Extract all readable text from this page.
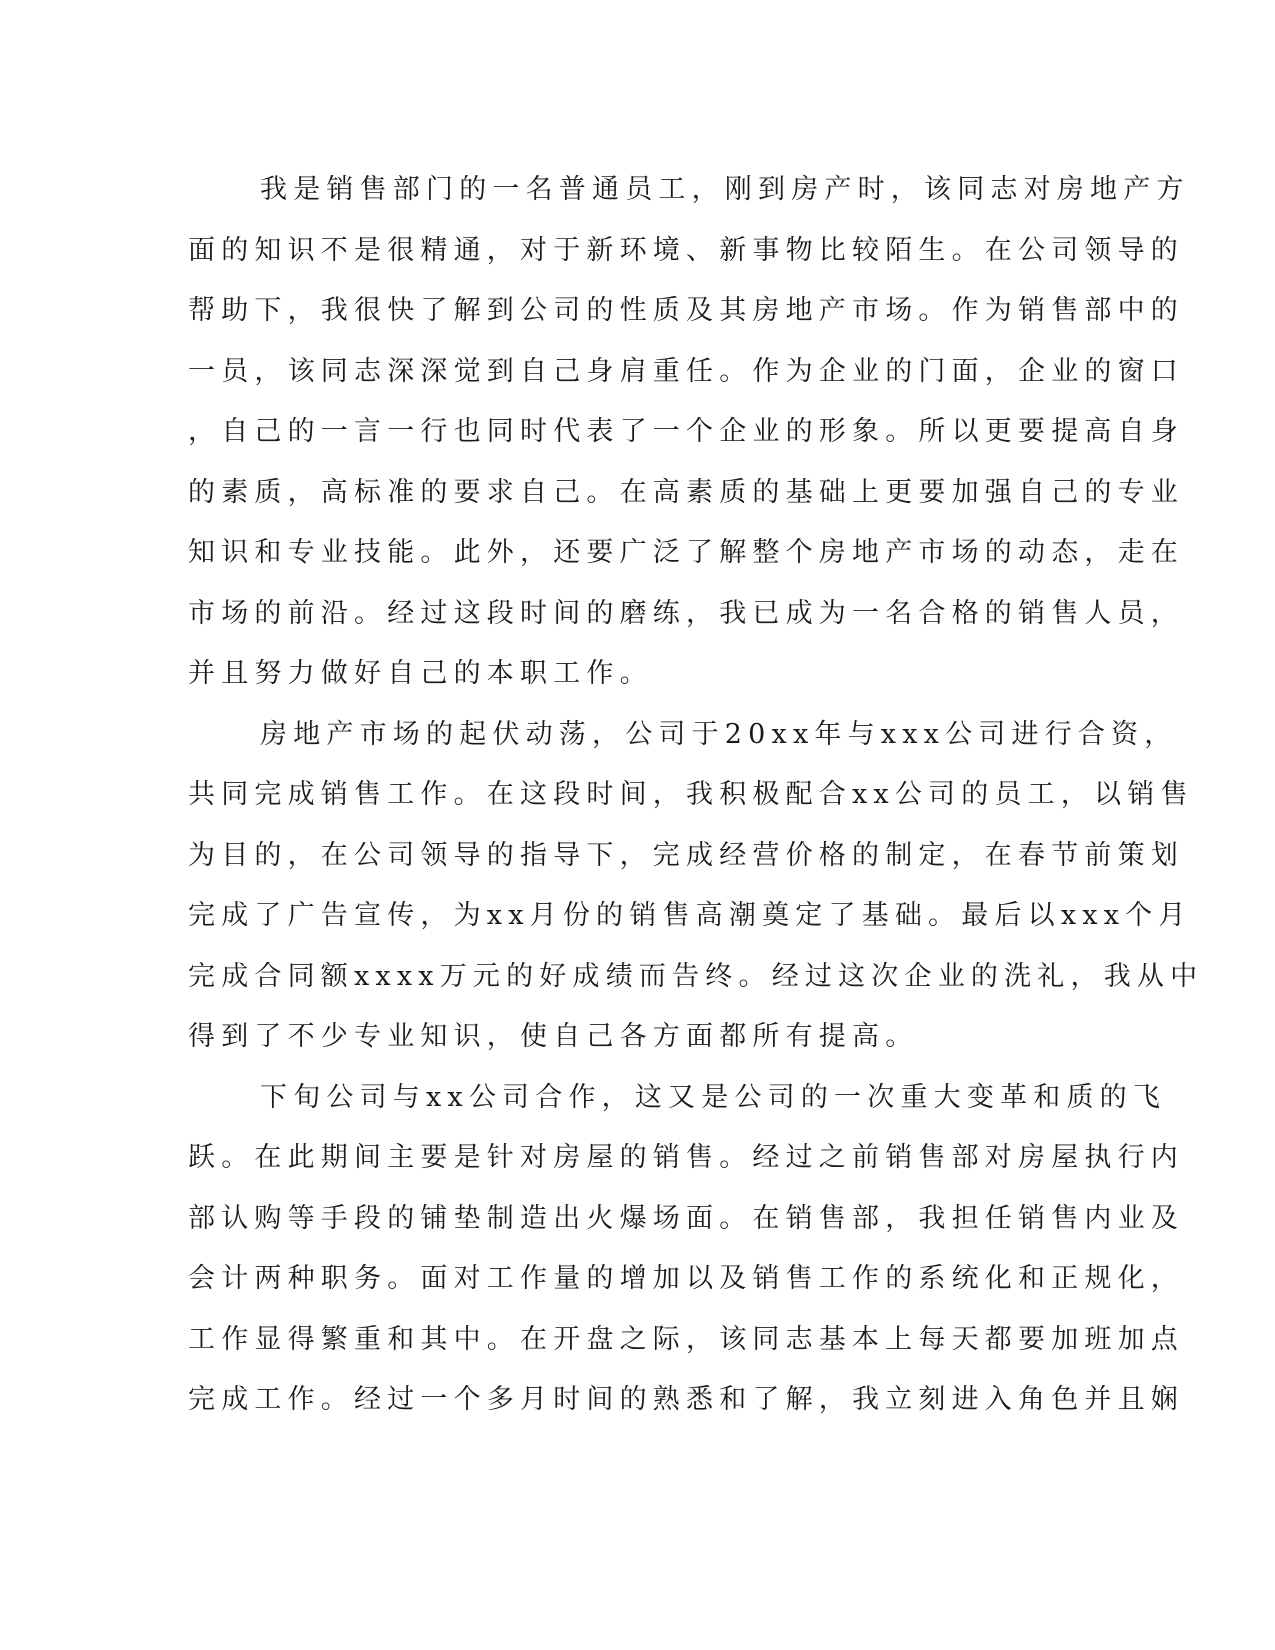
我是销售部门的一名普通员工，刚到房产时，该同志对房地产方
面的知识不是很精通，对于新环境、新事物比较陌生。在公司领导的
帮助下，我很快了解到公司的性质及其房地产市场。作为销售部中的
一员，该同志深深觉到自己身肩重任。作为企业的门面，企业的窗口
，自己的一言一行也同时代表了一个企业的形象。所以更要提高自身
的素质，高标准的要求自己。在高素质的基础上更要加强自己的专业
知识和专业技能。此外，还要广泛了解整个房地产市场的动态，走在
市场的前沿。经过这段时间的磨练，我已成为一名合格的销售人员，
并且努力做好自己的本职工作。
房地产市场的起伏动荡，公司于20xx年与xxx公司进行合资，
共同完成销售工作。在这段时间，我积极配合xx公司的员工，以销售
为目的，在公司领导的指导下，完成经营价格的制定，在春节前策划
完成了广告宣传，为xx月份的销售高潮奠定了基础。最后以xxx个月
完成合同额xxxx万元的好成绩而告终。经过这次企业的洗礼，我从中
得到了不少专业知识，使自己各方面都所有提高。
下旬公司与xx公司合作，这又是公司的一次重大变革和质的飞
跃。在此期间主要是针对房屋的销售。经过之前销售部对房屋执行内
部认购等手段的铺垫制造出火爆场面。在销售部，我担任销售内业及
会计两种职务。面对工作量的增加以及销售工作的系统化和正规化，
工作显得繁重和其中。在开盘之际，该同志基本上每天都要加班加点
完成工作。经过一个多月时间的熟悉和了解，我立刻进入角色并且娴
